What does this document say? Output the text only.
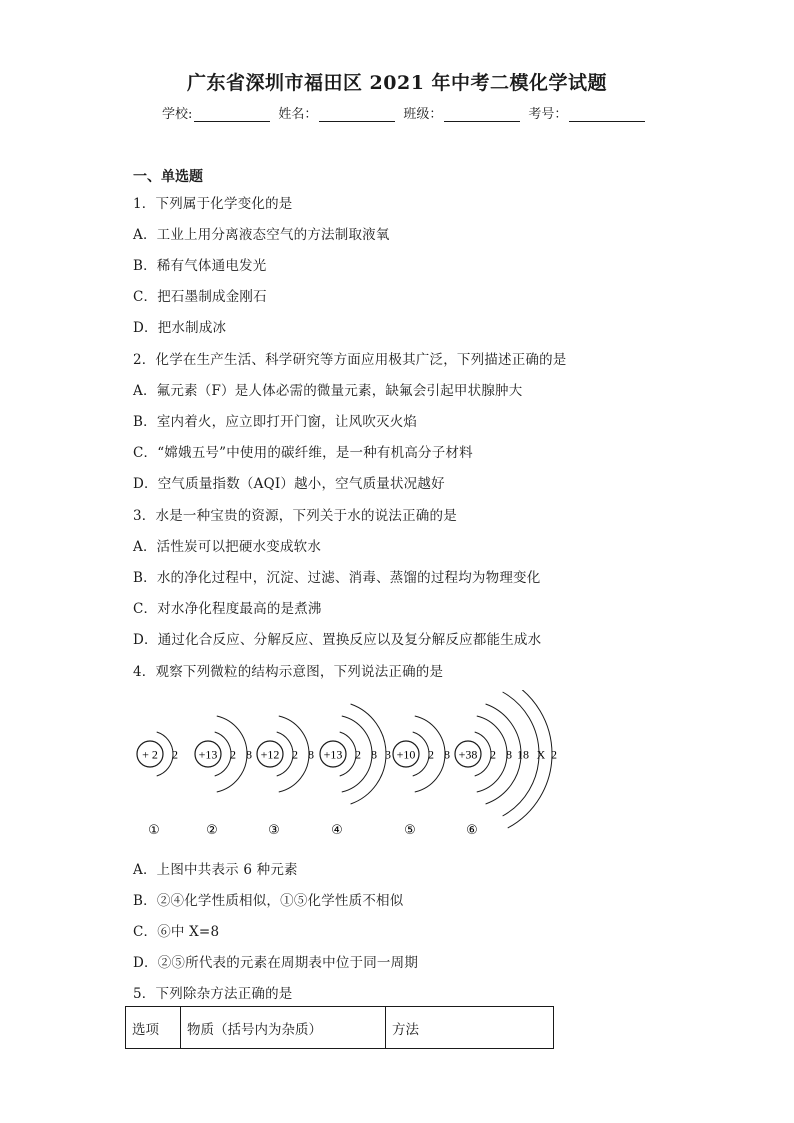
广东省深圳市福田区 2021 年中考二模化学试题
学校:	姓名：	班级：	考号：
一、单选题
1．下列属于化学变化的是
A．工业上用分离液态空气的方法制取液氧
B．稀有气体通电发光
C．把石墨制成金刚石
D．把水制成冰
2．化学在生产生活、科学研究等方面应用极其广泛，下列描述正确的是
A．氟元素（F）是人体必需的微量元素，缺氟会引起甲状腺肿大
B．室内着火，应立即打开门窗，让风吹灭火焰
C．“嫦娥五号”中使用的碳纤维，是一种有机高分子材料
D．空气质量指数（AQI）越小，空气质量状况越好
3．水是一种宝贵的资源，下列关于水的说法正确的是
A．活性炭可以把硬水变成软水
B．水的净化过程中，沉淀、过滤、消毒、蒸馏的过程均为物理变化
C．对水净化程度最高的是煮沸
D．通过化合反应、分解反应、置换反应以及复分解反应都能生成水
4．观察下列微粒的结构示意图，下列说法正确的是
+ 2 2
①
+13 2 8
②
+12 2 8
③
+13 2 8 3
④
+10 2 8
⑤
+38 2 8 18 X 2
⑥
A．上图中共表示 6 种元素
B．②④化学性质相似，①⑤化学性质不相似
C．⑥中 X=8
D．②⑤所代表的元素在周期表中位于同一周期
5．下列除杂方法正确的是
选项	物质（括号内为杂质）	方法
